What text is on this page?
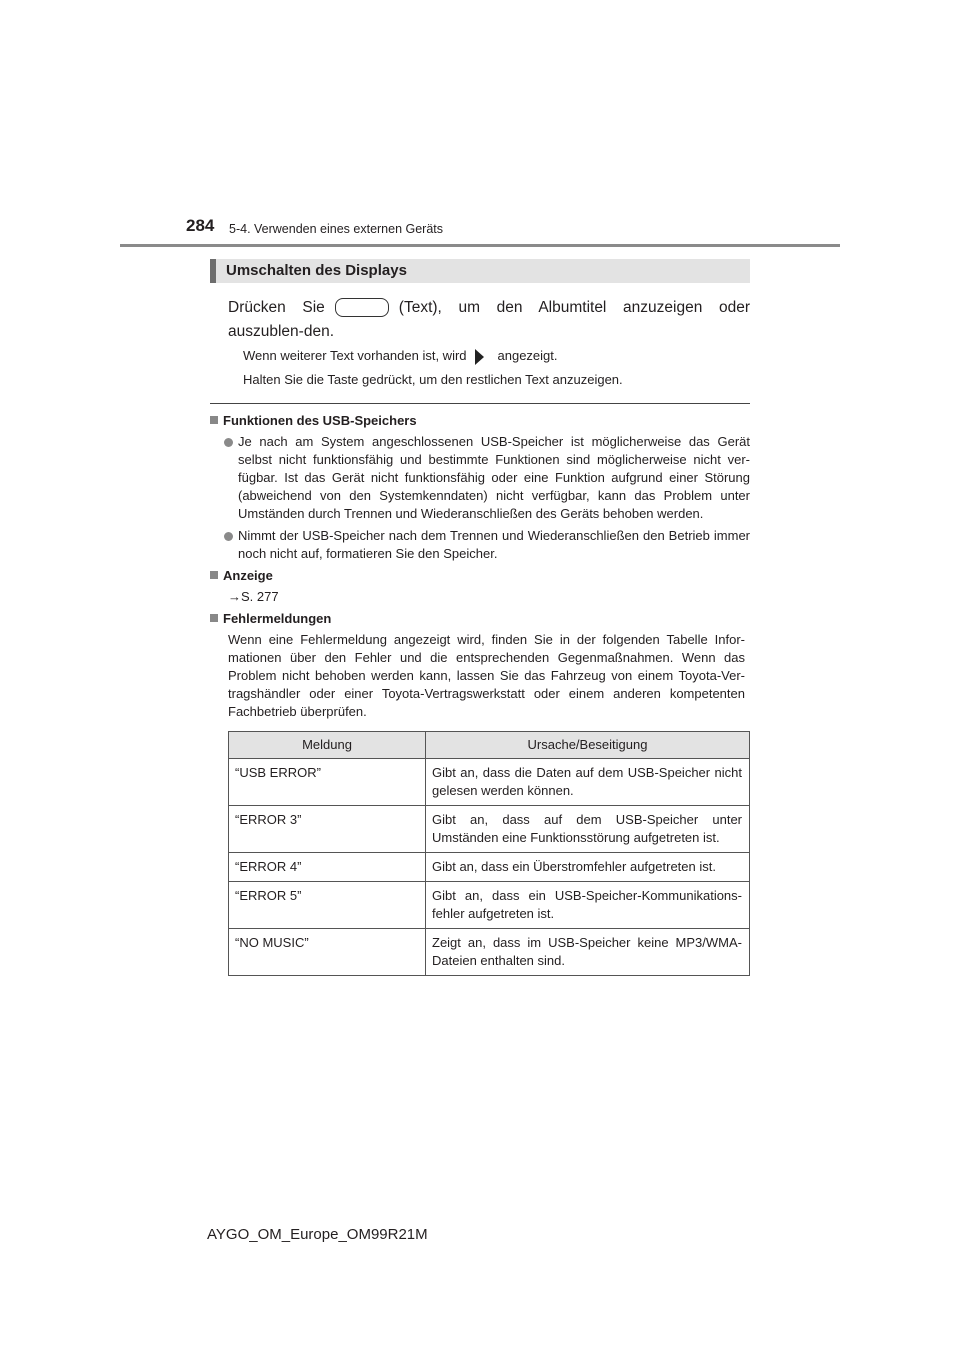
284 5-4. Verwenden eines externen Geräts
Umschalten des Displays
Drücken Sie	(Text), um den Albumtitel anzuzeigen oder auszublen-den.
Wenn weiterer Text vorhanden ist, wird angezeigt.
Halten Sie die Taste gedrückt, um den restlichen Text anzuzeigen.
Funktionen des USB-Speichers
Je nach am System angeschlossenen USB-Speicher ist möglicherweise das Gerät selbst nicht funktionsfähig und bestimmte Funktionen sind möglicherweise nicht ver-fügbar. Ist das Gerät nicht funktionsfähig oder eine Funktion aufgrund einer Störung (abweichend von den Systemkenndaten) nicht verfügbar, kann das Problem unter Umständen durch Trennen und Wiederanschließen des Geräts behoben werden.
Nimmt der USB-Speicher nach dem Trennen und Wiederanschließen den Betrieb immer noch nicht auf, formatieren Sie den Speicher.
Anzeige
→S. 277
Fehlermeldungen
Wenn eine Fehlermeldung angezeigt wird, finden Sie in der folgenden Tabelle Infor-mationen über den Fehler und die entsprechenden Gegenmaßnahmen. Wenn das Problem nicht behoben werden kann, lassen Sie das Fahrzeug von einem Toyota-Ver-tragshändler oder einer Toyota-Vertragswerkstatt oder einem anderen kompetenten Fachbetrieb überprüfen.
Meldung	Ursache/Beseitigung
“USB ERROR”	Gibt an, dass die Daten auf dem USB-Speicher nicht gelesen werden können.
“ERROR 3”	Gibt an, dass auf dem USB-Speicher unter Umständen eine Funktionsstörung aufgetreten ist.
“ERROR 4”	Gibt an, dass ein Überstromfehler aufgetreten ist.
“ERROR 5”	Gibt an, dass ein USB-Speicher-Kommunikations-fehler aufgetreten ist.
“NO MUSIC”	Zeigt an, dass im USB-Speicher keine MP3/WMA-Dateien enthalten sind.
AYGO_OM_Europe_OM99R21M
